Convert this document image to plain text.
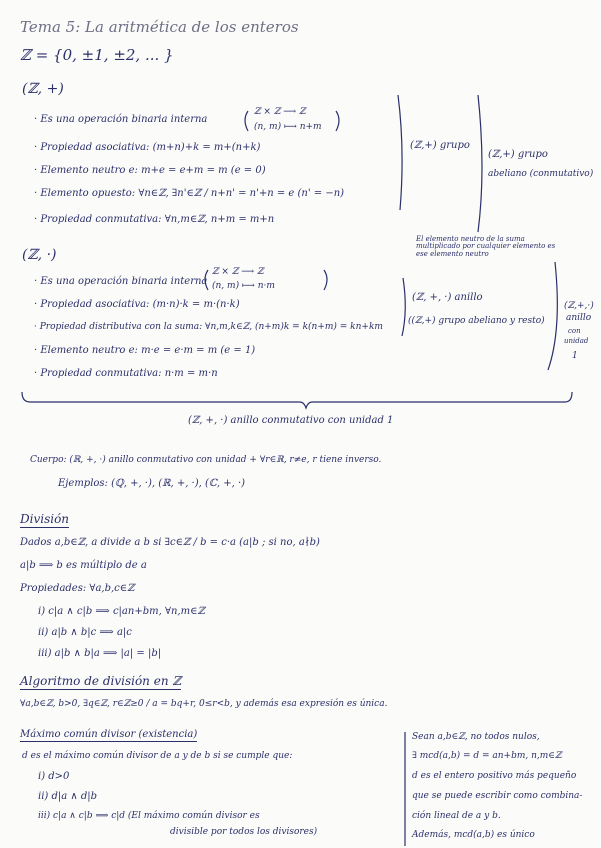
Tema 5: La aritmética de los enteros
ℤ = {0, ±1, ±2, ... }
(ℤ, +)
· Es una operación binaria interna
ℤ × ℤ ⟶ ℤ
(n, m) ⟼ n+m
· Propiedad asociativa: (m+n)+k = m+(n+k)
· Elemento neutro e: m+e = e+m = m (e = 0)
· Elemento opuesto: ∀n∈ℤ, ∃n'∈ℤ / n+n' = n'+n = e (n' = −n)
· Propiedad conmutativa: ∀n,m∈ℤ, n+m = m+n
(ℤ,+) grupo
(ℤ,+) grupo
abeliano (conmutativo)
(ℤ, ·)
· Es una operación binaria interna
ℤ × ℤ ⟶ ℤ
(n, m) ⟼ n·m
· Propiedad asociativa: (m·n)·k = m·(n·k)
· Propiedad distributiva con la suma: ∀n,m,k∈ℤ, (n+m)k = k(n+m) = kn+km
· Elemento neutro e: m·e = e·m = m (e = 1)
· Propiedad conmutativa: n·m = m·n
El elemento neutro de la suma multiplicado por cualquier elemento es ese elemento neutro
(ℤ, +, ·) anillo
((ℤ,+) grupo abeliano y resto)
(ℤ,+,·)
anillo
con
unidad
1
(ℤ, +, ·) anillo conmutativo con unidad 1
Cuerpo: (ℝ, +, ·) anillo conmutativo con unidad + ∀r∈ℝ, r≠e, r tiene inverso.
Ejemplos: (ℚ, +, ·), (ℝ, +, ·), (ℂ, +, ·)
División
Dados a,b∈ℤ, a divide a b si ∃c∈ℤ / b = c·a (a|b ; si no, a∤b)
a|b ⟹ b es múltiplo de a
Propiedades: ∀a,b,c∈ℤ
i) c|a ∧ c|b ⟹ c|an+bm, ∀n,m∈ℤ
ii) a|b ∧ b|c ⟹ a|c
iii) a|b ∧ b|a ⟹ |a| = |b|
Algoritmo de división en ℤ
∀a,b∈ℤ, b>0, ∃q∈ℤ, r∈ℤ≥0 / a = bq+r, 0≤r<b, y además esa expresión es única.
Máximo común divisor (existencia)
d es el máximo común divisor de a y de b si se cumple que:
i) d>0
ii) d|a ∧ d|b
iii) c|a ∧ c|b ⟹ c|d (El máximo común divisor es
divisible por todos los divisores)
Sean a,b∈ℤ, no todos nulos,
∃ mcd(a,b) = d = an+bm, n,m∈ℤ
d es el entero positivo más pequeño
que se puede escribir como combina-
ción lineal de a y b.
Además, mcd(a,b) es único
